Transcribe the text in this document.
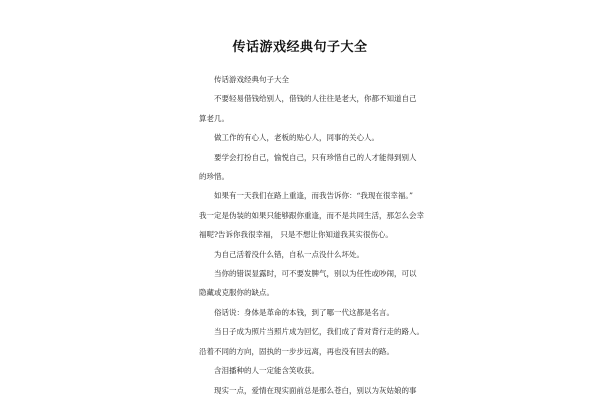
传话游戏经典句子大全

传话游戏经典句子大全

不要轻易借钱给别人，借钱的人往往是老大，你都不知道自己
算老几。

做工作的有心人，老板的贴心人，同事的关心人。

要学会打扮自己，愉悦自己，只有珍惜自己的人才能得到别人
的珍惜。

如果有一天我们在路上重逢，而我告诉你：“我现在很幸福。”
我一定是伪装的如果只能够跟你重逢，而不是共同生活，那怎么会幸
福呢?告诉你我很幸福， 只是不想让你知道我其实很伤心。

为自己活着没什么错，自私一点没什么坏处。

当你的错误显露时，可不要发脾气，别以为任性或吵闹，可以
隐藏或克服你的缺点。

俗话说：身体是革命的本钱，到了哪一代这都是名言。

当日子成为照片当照片成为回忆，我们成了背对背行走的路人。
沿着不同的方向，固执的一步步远离，再也没有回去的路。

含泪播种的人一定能含笑收获。

现实一点，爱情在现实面前总是那么苍白，别以为灰姑娘的事
